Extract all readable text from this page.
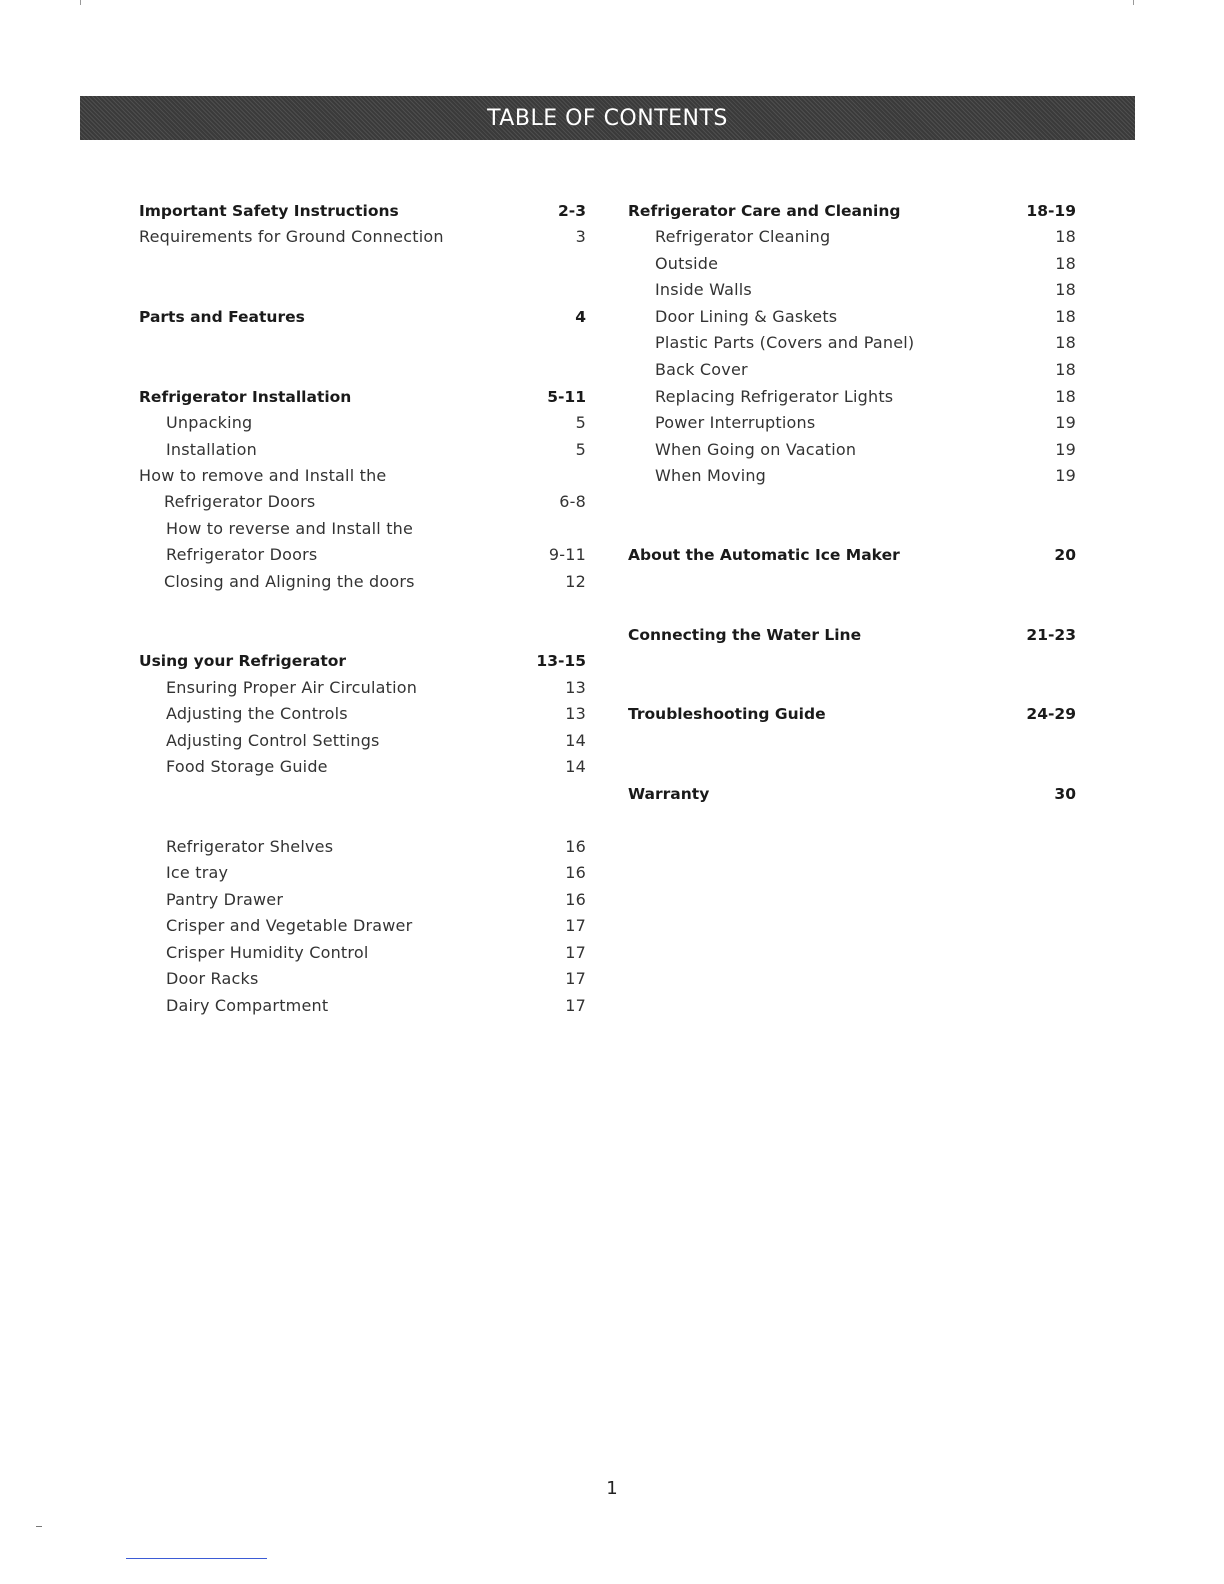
TABLE OF CONTENTS
Important Safety Instructions	2-3
Requirements for Ground Connection	3
Parts and Features	4
Refrigerator Installation	5-11
Unpacking	5
Installation	5
How to remove and Install the
Refrigerator Doors	6-8
How to reverse and Install the
Refrigerator Doors	9-11
Closing and Aligning the doors	12
Using your Refrigerator	13-15
Ensuring Proper Air Circulation	13
Adjusting the Controls	13
Adjusting Control Settings	14
Food Storage Guide	14
Refrigerator Shelves	16
Ice tray	16
Pantry Drawer	16
Crisper and Vegetable Drawer	17
Crisper Humidity Control	17
Door Racks	17
Dairy Compartment	17
Refrigerator Care and Cleaning	18-19
Refrigerator Cleaning	18
Outside	18
Inside Walls	18
Door Lining & Gaskets	18
Plastic Parts (Covers and Panel)	18
Back Cover	18
Replacing Refrigerator Lights	18
Power Interruptions	19
When Going on Vacation	19
When Moving	19
About the Automatic Ice Maker	20
Connecting the Water Line	21-23
Troubleshooting Guide	24-29
Warranty	30
1
